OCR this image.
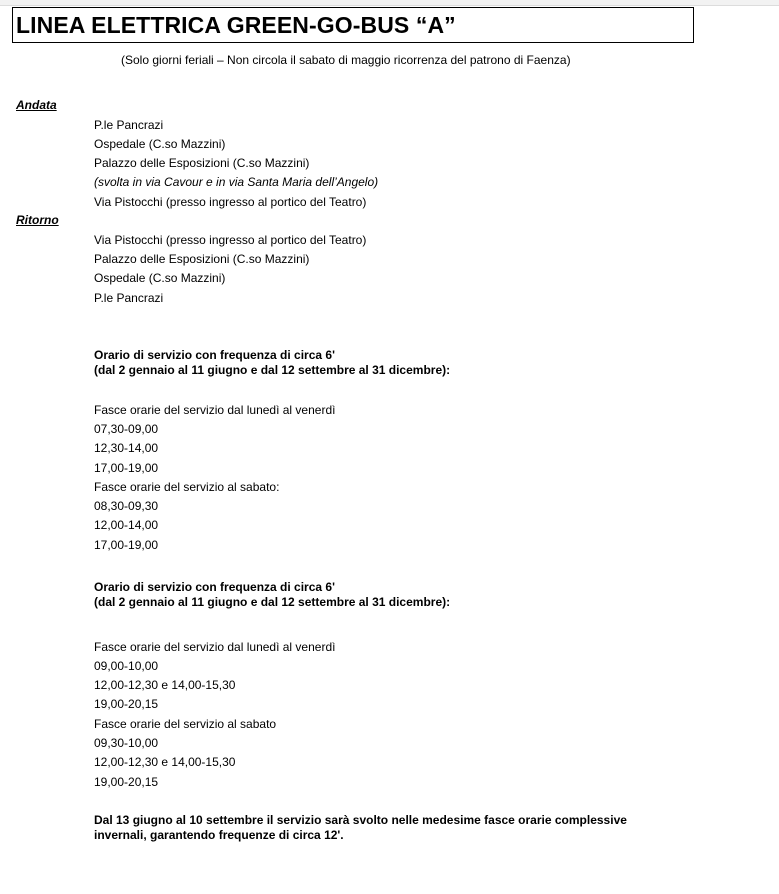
LINEA ELETTRICA GREEN-GO-BUS “A”
(Solo giorni feriali – Non circola il sabato di maggio ricorrenza del patrono di Faenza)
Andata
P.le Pancrazi
Ospedale (C.so Mazzini)
Palazzo delle Esposizioni (C.so Mazzini)
(svolta in via Cavour e in via Santa Maria dell’Angelo)
Via Pistocchi (presso ingresso al portico del Teatro)
Ritorno
Via Pistocchi (presso ingresso al portico del Teatro)
Palazzo delle Esposizioni (C.so Mazzini)
Ospedale (C.so Mazzini)
P.le Pancrazi
Orario di servizio con frequenza di circa 6'
(dal 2 gennaio al 11 giugno e dal 12 settembre al 31 dicembre):
Fasce orarie del servizio dal lunedì al venerdì
07,30-09,00
12,30-14,00
17,00-19,00
Fasce orarie del servizio al sabato:
08,30-09,30
12,00-14,00
17,00-19,00
Orario di servizio con frequenza di circa 6'
(dal 2 gennaio al 11 giugno e dal 12 settembre al 31 dicembre):
Fasce orarie del servizio dal lunedì al venerdì
09,00-10,00
12,00-12,30 e 14,00-15,30
19,00-20,15
Fasce orarie del servizio al sabato
09,30-10,00
12,00-12,30 e 14,00-15,30
19,00-20,15
Dal 13 giugno al 10 settembre il servizio sarà svolto nelle medesime fasce orarie complessive
invernali, garantendo frequenze di circa 12'.
